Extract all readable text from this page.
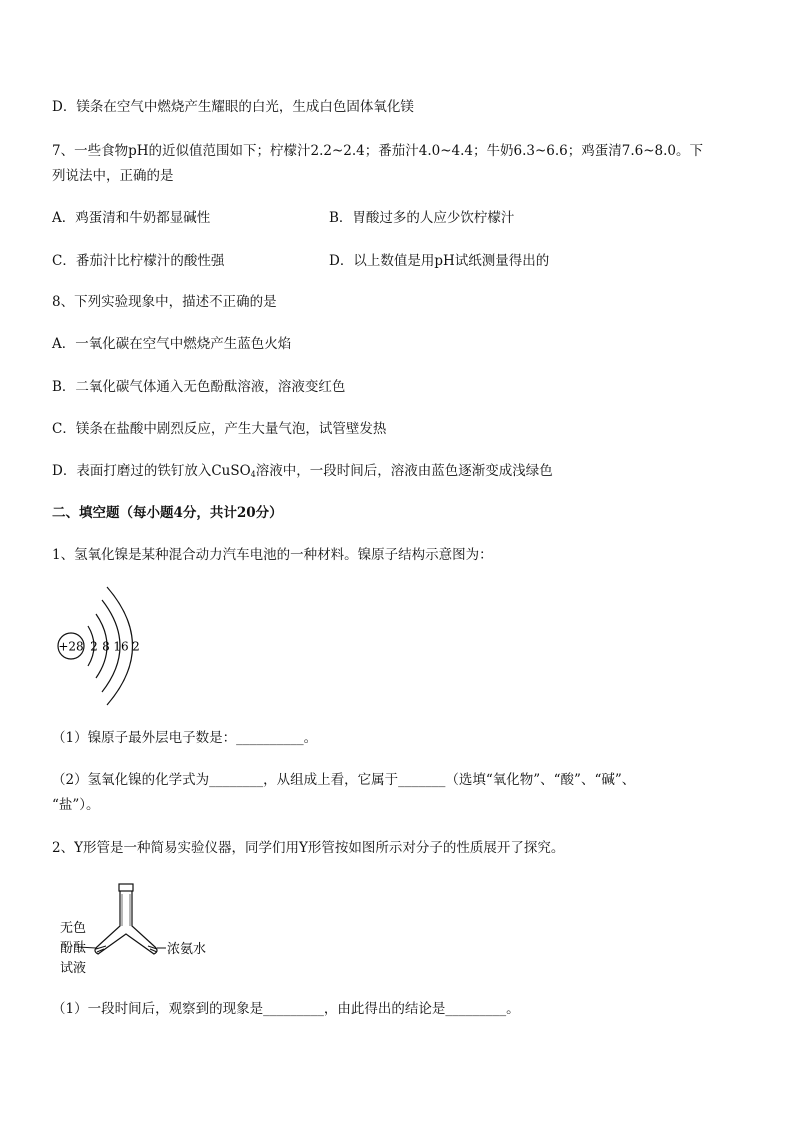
D．镁条在空气中燃烧产生耀眼的白光，生成白色固体氧化镁
7、一些食物pH的近似值范围如下；柠檬汁2.2~2.4；番茄汁4.0~4.4；牛奶6.3~6.6；鸡蛋清7.6~8.0。下
列说法中，正确的是
A．鸡蛋清和牛奶都显碱性	B．胃酸过多的人应少饮柠檬汁
C．番茄汁比柠檬汁的酸性强	D．以上数值是用pH试纸测量得出的
8、下列实验现象中，描述不正确的是
A．一氧化碳在空气中燃烧产生蓝色火焰
B．二氧化碳气体通入无色酚酞溶液，溶液变红色
C．镁条在盐酸中剧烈反应，产生大量气泡，试管壁发热
D．表面打磨过的铁钉放入CuSO$_4$溶液中，一段时间后，溶液由蓝色逐渐变成浅绿色
二、填空题（每小题4分，共计20分）
1、氢氧化镍是某种混合动力汽车电池的一种材料。镍原子结构示意图为：
+28 2 8 16 2
（1）镍原子最外层电子数是：__________。
（2）氢氧化镍的化学式为________，从组成上看，它属于_______（选填“氧化物”、“酸”、“碱”、
“盐”）。
2、Y形管是一种简易实验仪器，同学们用Y形管按如图所示对分子的性质展开了探究。
无色
酚酞
试液
浓氨水
（1）一段时间后，观察到的现象是_________，由此得出的结论是_________。
